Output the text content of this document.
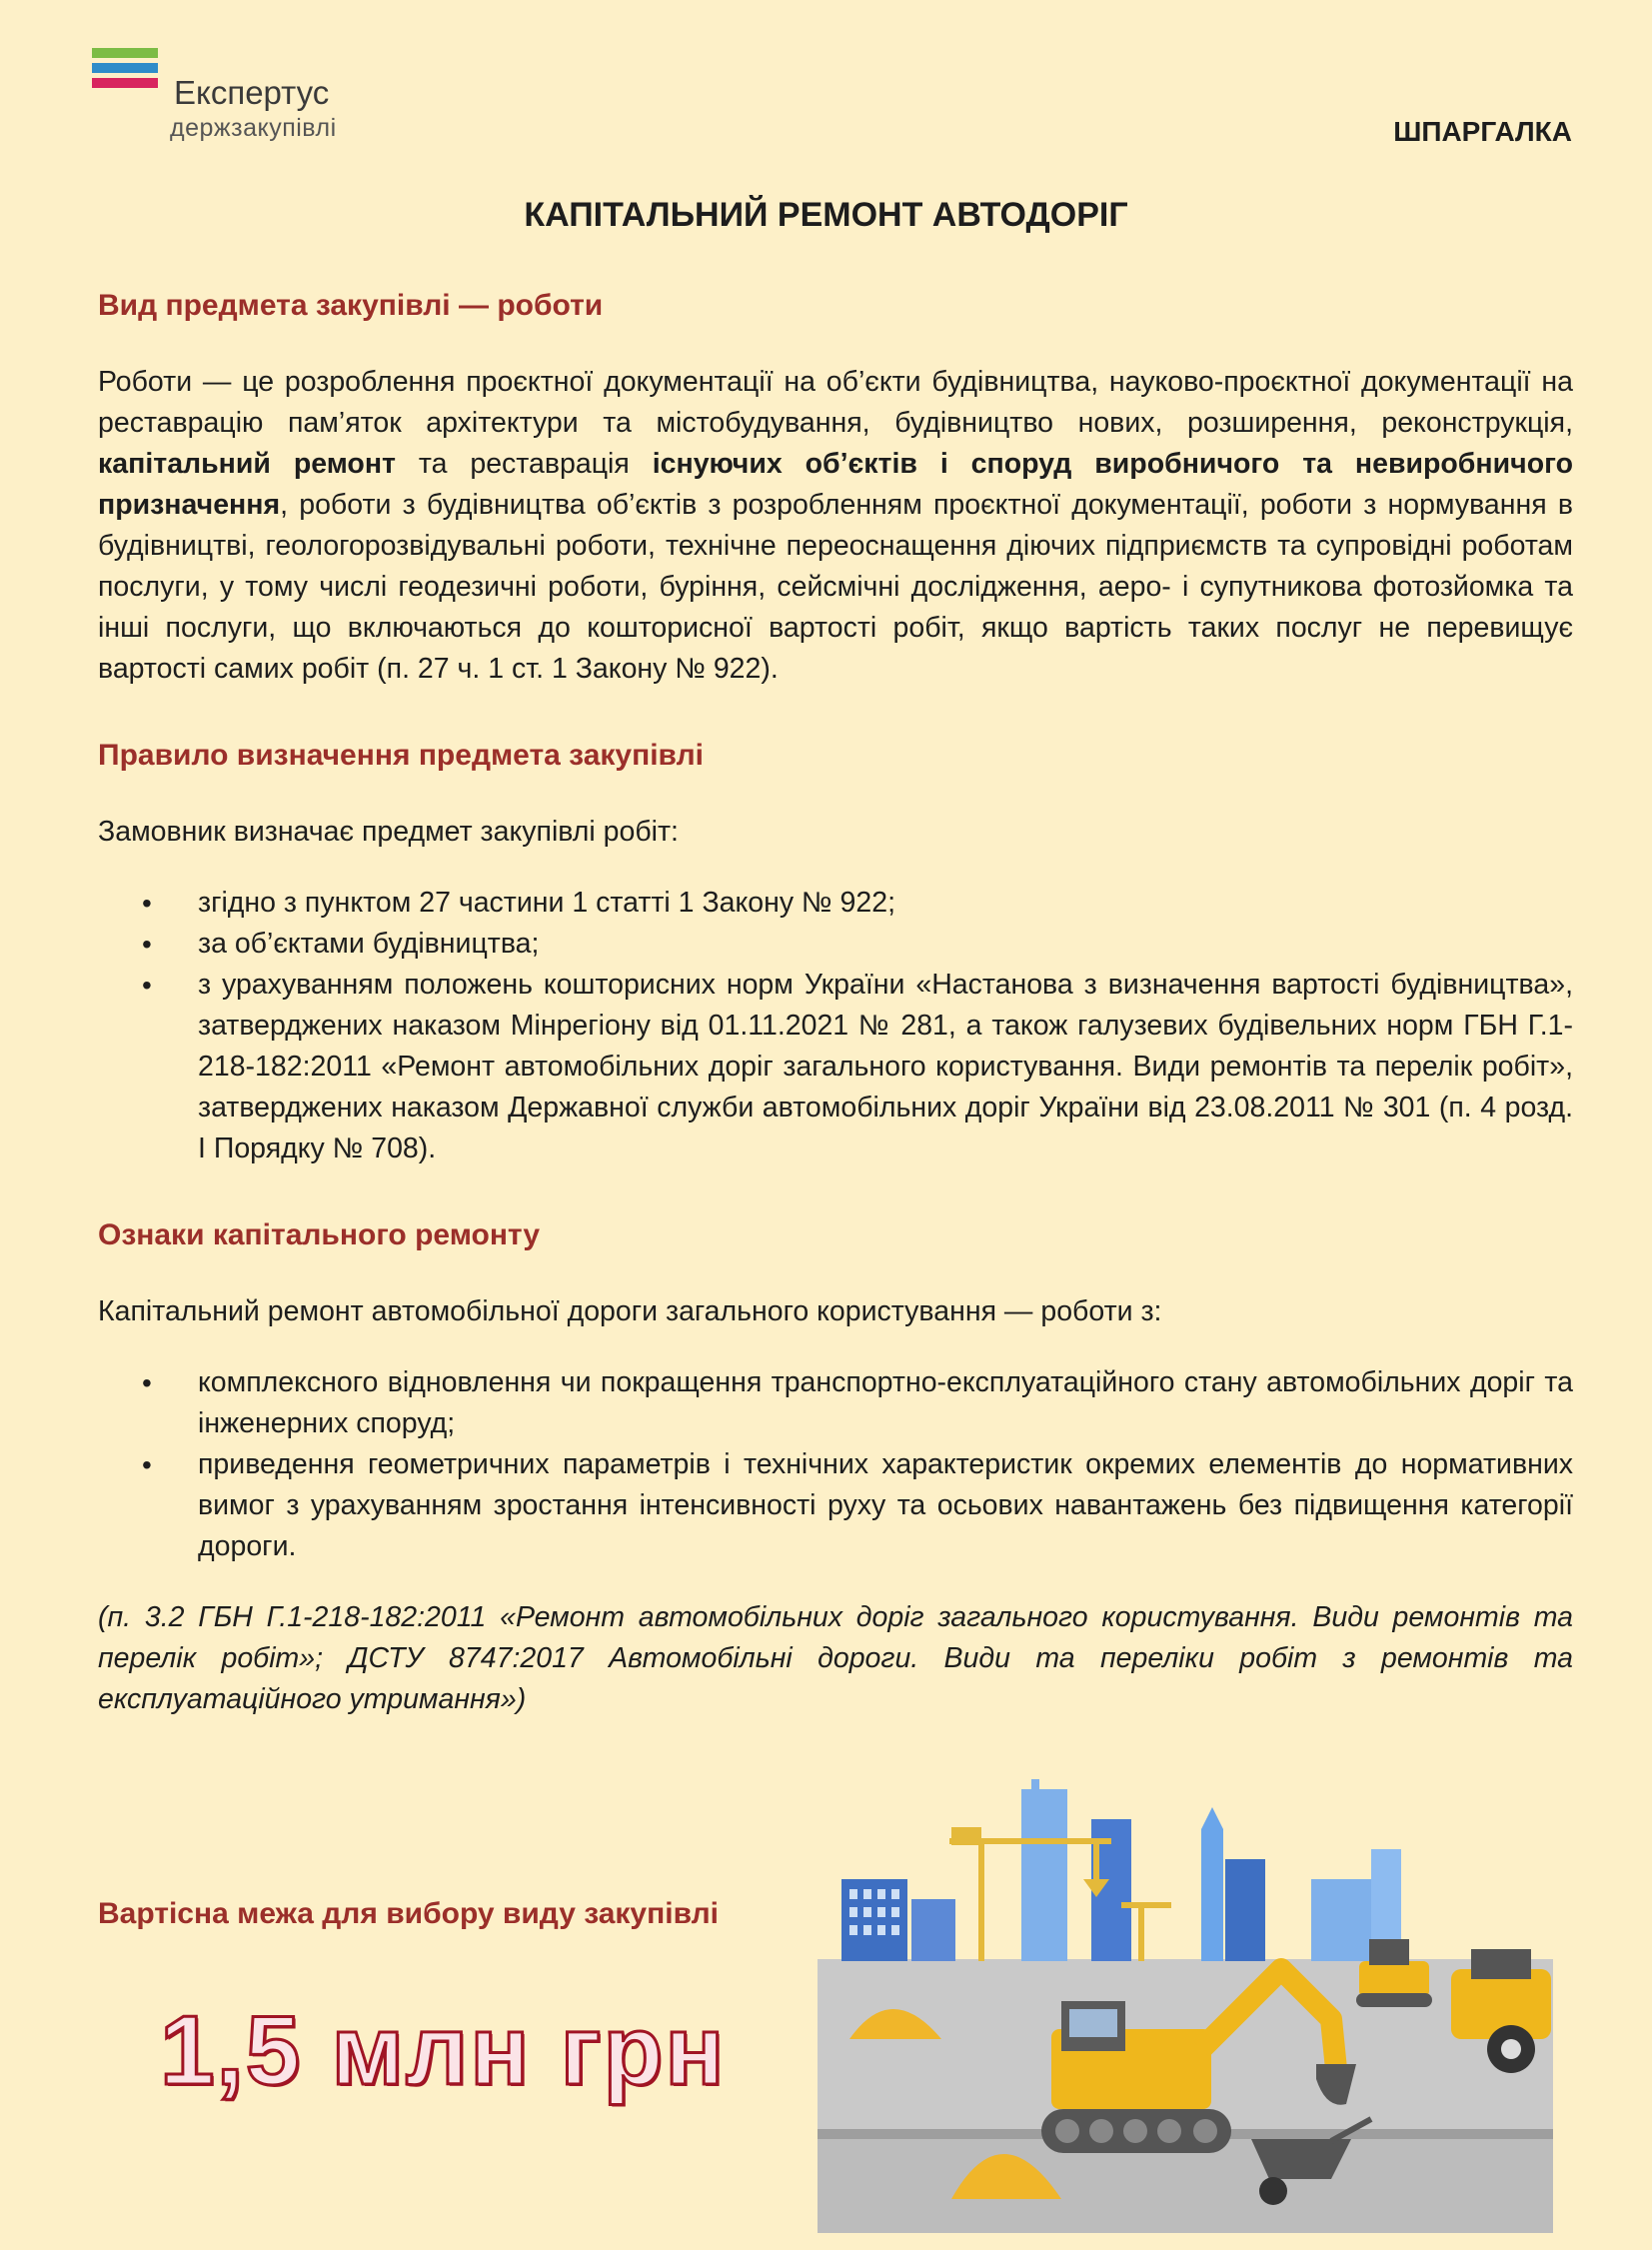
Експертус
держзакупівлі	ШПАРГАЛКА
КАПІТАЛЬНИЙ РЕМОНТ АВТОДОРІГ
Вид предмета закупівлі — роботи

Роботи — це розроблення проєктної документації на об’єкти будівництва, науково-проєктної документації на реставрацію пам’яток архітектури та містобудування, будівництво нових, розширення, реконструкція, капітальний ремонт та реставрація існуючих об’єктів і споруд виробничого та невиробничого призначення, роботи з будівництва об’єктів з розробленням проєктної документації, роботи з нормування в будівництві, геологорозвідувальні роботи, технічне переоснащення діючих підприємств та супровідні роботам послуги, у тому числі геодезичні роботи, буріння, сейсмічні дослідження, аеро- і супутникова фотозйомка та інші послуги, що включаються до кошторисної вартості робіт, якщо вартість таких послуг не перевищує вартості самих робіт (п. 27 ч. 1 ст. 1 Закону № 922).

Правило визначення предмета закупівлі

Замовник визначає предмет закупівлі робіт:

• згідно з пунктом 27 частини 1 статті 1 Закону № 922;
• за об’єктами будівництва;
• з урахуванням положень кошторисних норм України «Настанова з визначення вартості будівництва», затверджених наказом Мінрегіону від 01.11.2021 № 281, а також галузевих будівельних норм ГБН Г.1-218-182:2011 «Ремонт автомобільних доріг загального користування. Види ремонтів та перелік робіт», затверджених наказом Державної служби автомобільних доріг України від 23.08.2011 № 301 (п. 4 розд. І Порядку № 708).
Ознаки капітального ремонту

Капітальний ремонт автомобільної дороги загального користування — роботи з:

• комплексного відновлення чи покращення транспортно-експлуатаційного стану автомобільних доріг та інженерних споруд;
• приведення геометричних параметрів і технічних характеристик окремих елементів до нормативних вимог з урахуванням зростання інтенсивності руху та осьових навантажень без підвищення категорії дороги.

(п. 3.2 ГБН Г.1-218-182:2011 «Ремонт автомобільних доріг загального користування. Види ремонтів та перелік робіт»; ДСТУ 8747:2017 Автомобільні дороги. Види та переліки робіт з ремонтів та експлуатаційного утримання»)

Вартісна межа для вибору виду закупівлі
1,5 млн грн
